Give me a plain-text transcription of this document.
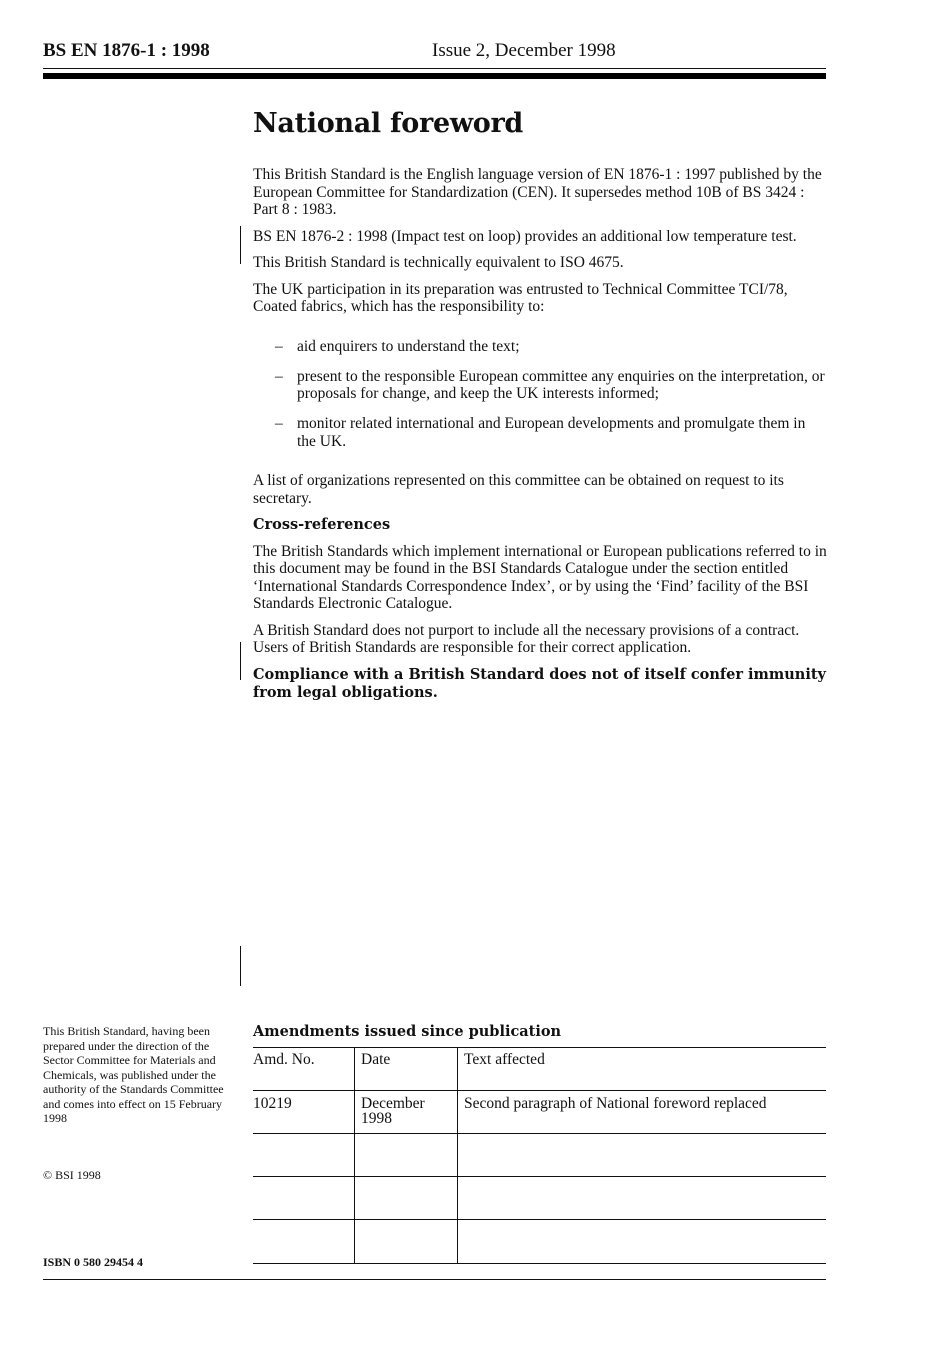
BS EN 1876-1 : 1998	Issue 2, December 1998
National foreword

This British Standard is the English language version of EN 1876-1 : 1997 published by the European Committee for Standardization (CEN). It supersedes method 10B of BS 3424 : Part 8 : 1983.

BS EN 1876-2 : 1998 (Impact test on loop) provides an additional low temperature test.

This British Standard is technically equivalent to ISO 4675.

The UK participation in its preparation was entrusted to Technical Committee TCI/78, Coated fabrics, which has the responsibility to:

– aid enquirers to understand the text;
– present to the responsible European committee any enquiries on the interpretation, or proposals for change, and keep the UK interests informed;
– monitor related international and European developments and promulgate them in the UK.

A list of organizations represented on this committee can be obtained on request to its secretary.

Cross-references

The British Standards which implement international or European publications referred to in this document may be found in the BSI Standards Catalogue under the section entitled ‘International Standards Correspondence Index’, or by using the ‘Find’ facility of the BSI Standards Electronic Catalogue.

A British Standard does not purport to include all the necessary provisions of a contract. Users of British Standards are responsible for their correct application.

Compliance with a British Standard does not of itself confer immunity from legal obligations.

This British Standard, having been prepared under the direction of the Sector Committee for Materials and Chemicals, was published under the authority of the Standards Committee and comes into effect on 15 February 1998
© BSI 1998
ISBN 0 580 29454 4
Amendments issued since publication
Amd. No.	Date	Text affected
10219	December 1998	Second paragraph of National foreword replaced
